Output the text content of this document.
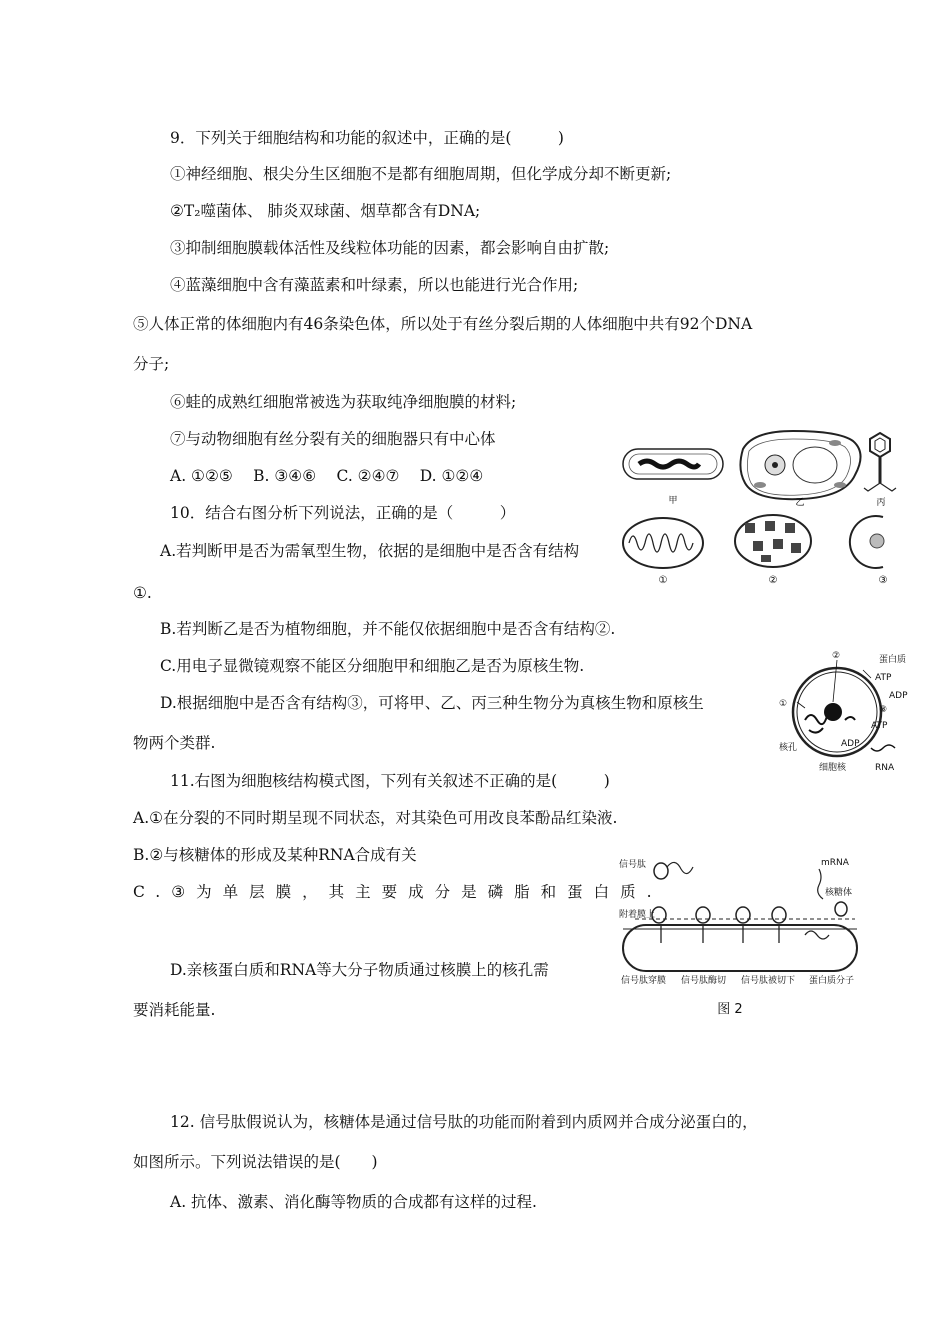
9．下列关于细胞结构和功能的叙述中，正确的是(　　　)
①神经细胞、根尖分生区细胞不是都有细胞周期，但化学成分却不断更新;
②T₂噬菌体、 肺炎双球菌、烟草都含有DNA;
③抑制细胞膜载体活性及线粒体功能的因素，都会影响自由扩散;
④蓝藻细胞中含有藻蓝素和叶绿素，所以也能进行光合作用;
⑤人体正常的体细胞内有46条染色体，所以处于有丝分裂后期的人体细胞中共有92个DNA
分子;
⑥蛙的成熟红细胞常被选为获取纯净细胞膜的材料;
⑦与动物细胞有丝分裂有关的细胞器只有中心体
A. ①②⑤　 B. ③④⑥　 C. ②④⑦　 D. ①②④
10．结合右图分析下列说法，正确的是（　　　）
A.若判断甲是否为需氧型生物，依据的是细胞中是否含有结构
①.
B.若判断乙是否为植物细胞，并不能仅依据细胞中是否含有结构②.
C.用电子显微镜观察不能区分细胞甲和细胞乙是否为原核生物.
D.根据细胞中是否含有结构③，可将甲、乙、丙三种生物分为真核生物和原核生
物两个类群.
11.右图为细胞核结构模式图，下列有关叙述不正确的是(　　　)
A.①在分裂的不同时期呈现不同状态，对其染色可用改良苯酚品红染液.
B.②与核糖体的形成及某种RNA合成有关
C.③为单层膜，其主要成分是磷脂和蛋白质.
D.亲核蛋白质和RNA等大分子物质通过核膜上的核孔需
要消耗能量.
12. 信号肽假说认为，核糖体是通过信号肽的功能而附着到内质网并合成分泌蛋白的，
如图所示。下列说法错误的是(　　)
A. 抗体、激素、消化酶等物质的合成都有这样的过程.
甲	乙	丙
①	②	③
蛋白质
ATP
ADP
ATP
ADP
①
②
③
核孔
细胞核	RNA
信号肽
附着膜上
mRNA
核糖体
信号肽穿膜 信号肽酶切 信号肽被切下 蛋白质分子
图 2
